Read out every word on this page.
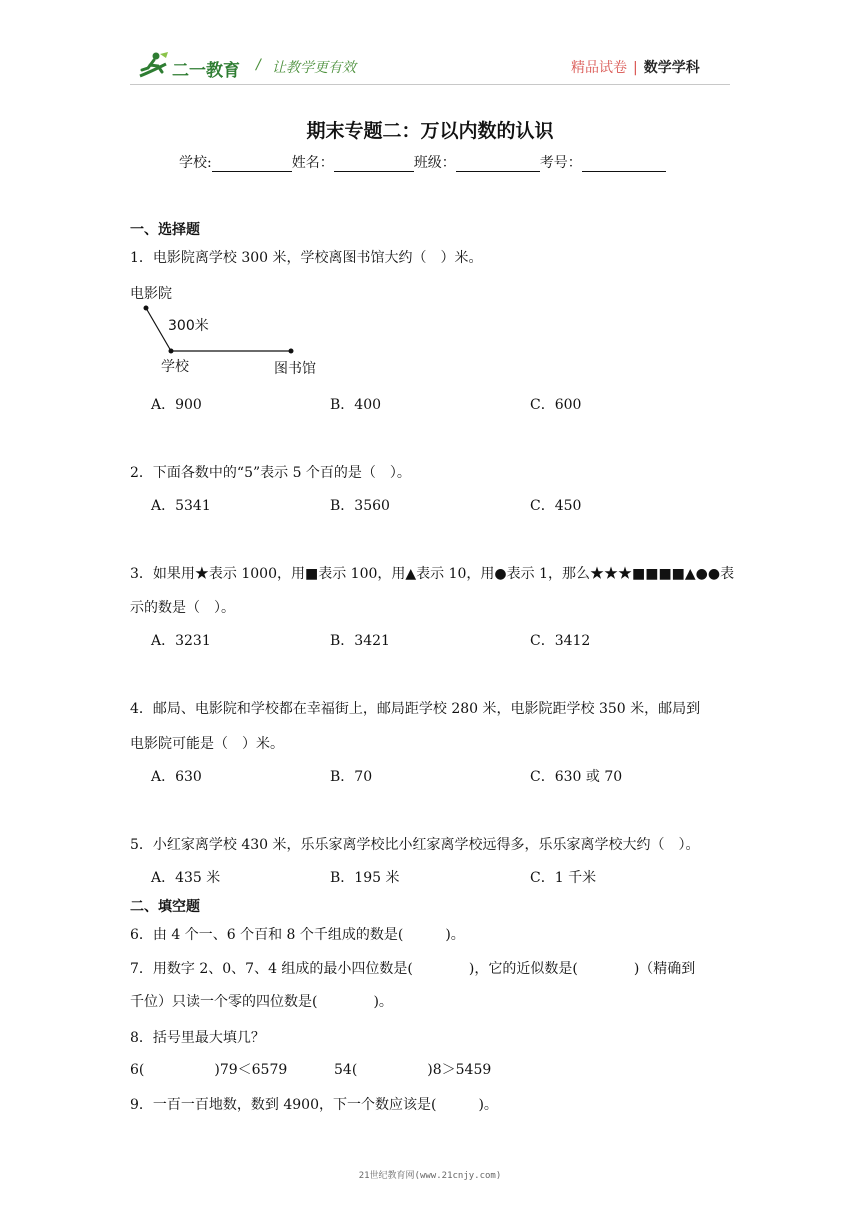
二一教育 / 让教学更有效	精品试卷 | 数学学科
期末专题二：万以内数的认识
学校:	姓名：	班级：	考号：
一、选择题
1．电影院离学校 300 米，学校离图书馆大约（　）米。
电影院
300米
学校	图书馆
A．900	B．400	C．600
2．下面各数中的“5”表示 5 个百的是（　）。
A．5341	B．3560	C．450
3．如果用★表示 1000，用■表示 100，用▲表示 10，用●表示 1，那么★★★■■■■▲●●表
示的数是（　）。
A．3231	B．3421	C．3412
4．邮局、电影院和学校都在幸福街上，邮局距学校 280 米，电影院距学校 350 米，邮局到
电影院可能是（　）米。
A．630	B．70	C．630 或 70
5．小红家离学校 430 米，乐乐家离学校比小红家离学校远得多，乐乐家离学校大约（　）。
A．435 米	B．195 米	C．1 千米
二、填空题
6．由 4 个一、6 个百和 8 个千组成的数是(　　　)。
7．用数字 2、0、7、4 组成的最小四位数是(　　　　)，它的近似数是(　　　　)（精确到
千位）只读一个零的四位数是(　　　　)。
8．括号里最大填几？
6(　　　　　)79＜6579	54(　　　　　)8＞5459
9．一百一百地数，数到 4900，下一个数应该是(　　　)。
21世纪教育网(www.21cnjy.com)
